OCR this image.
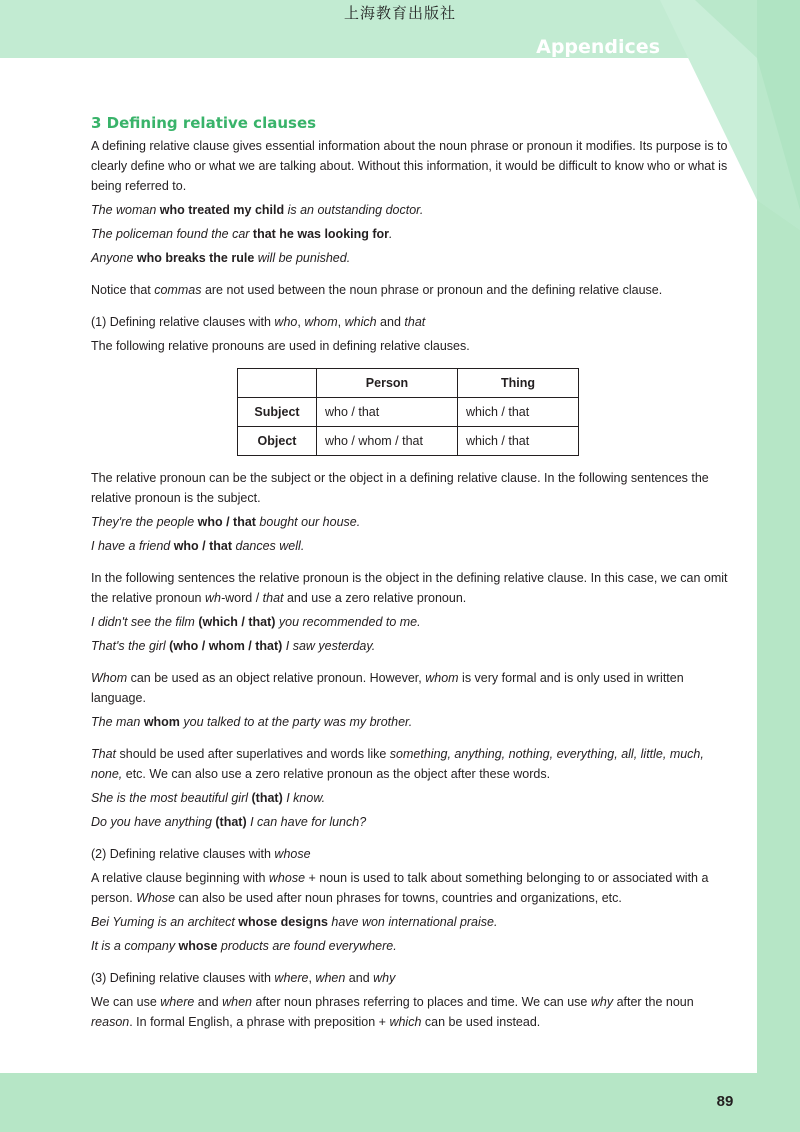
上海教育出版社
Appendices
3 Defining relative clauses

A defining relative clause gives essential information about the noun phrase or pronoun it modifies. Its purpose is to clearly define who or what we are talking about. Without this information, it would be difficult to know who or what is being referred to.

The woman who treated my child is an outstanding doctor.

The policeman found the car that he was looking for.

Anyone who breaks the rule will be punished.

Notice that commas are not used between the noun phrase or pronoun and the defining relative clause.

(1) Defining relative clauses with who, whom, which and that

The following relative pronouns are used in defining relative clauses.

	Person	Thing
Subject	who / that	which / that
Object	who / whom / that	which / that

The relative pronoun can be the subject or the object in a defining relative clause. In the following sentences the relative pronoun is the subject.

They're the people who / that bought our house.

I have a friend who / that dances well.

In the following sentences the relative pronoun is the object in the defining relative clause. In this case, we can omit the relative pronoun wh-word / that and use a zero relative pronoun.

I didn't see the film (which / that) you recommended to me.

That's the girl (who / whom / that) I saw yesterday.

Whom can be used as an object relative pronoun. However, whom is very formal and is only used in written language.

The man whom you talked to at the party was my brother.

That should be used after superlatives and words like something, anything, nothing, everything, all, little, much, none, etc. We can also use a zero relative pronoun as the object after these words.

She is the most beautiful girl (that) I know.

Do you have anything (that) I can have for lunch?

(2) Defining relative clauses with whose

A relative clause beginning with whose + noun is used to talk about something belonging to or associated with a person. Whose can also be used after noun phrases for towns, countries and organizations, etc.

Bei Yuming is an architect whose designs have won international praise.

It is a company whose products are found everywhere.

(3) Defining relative clauses with where, when and why

We can use where and when after noun phrases referring to places and time. We can use why after the noun reason. In formal English, a phrase with preposition + which can be used instead.

89
